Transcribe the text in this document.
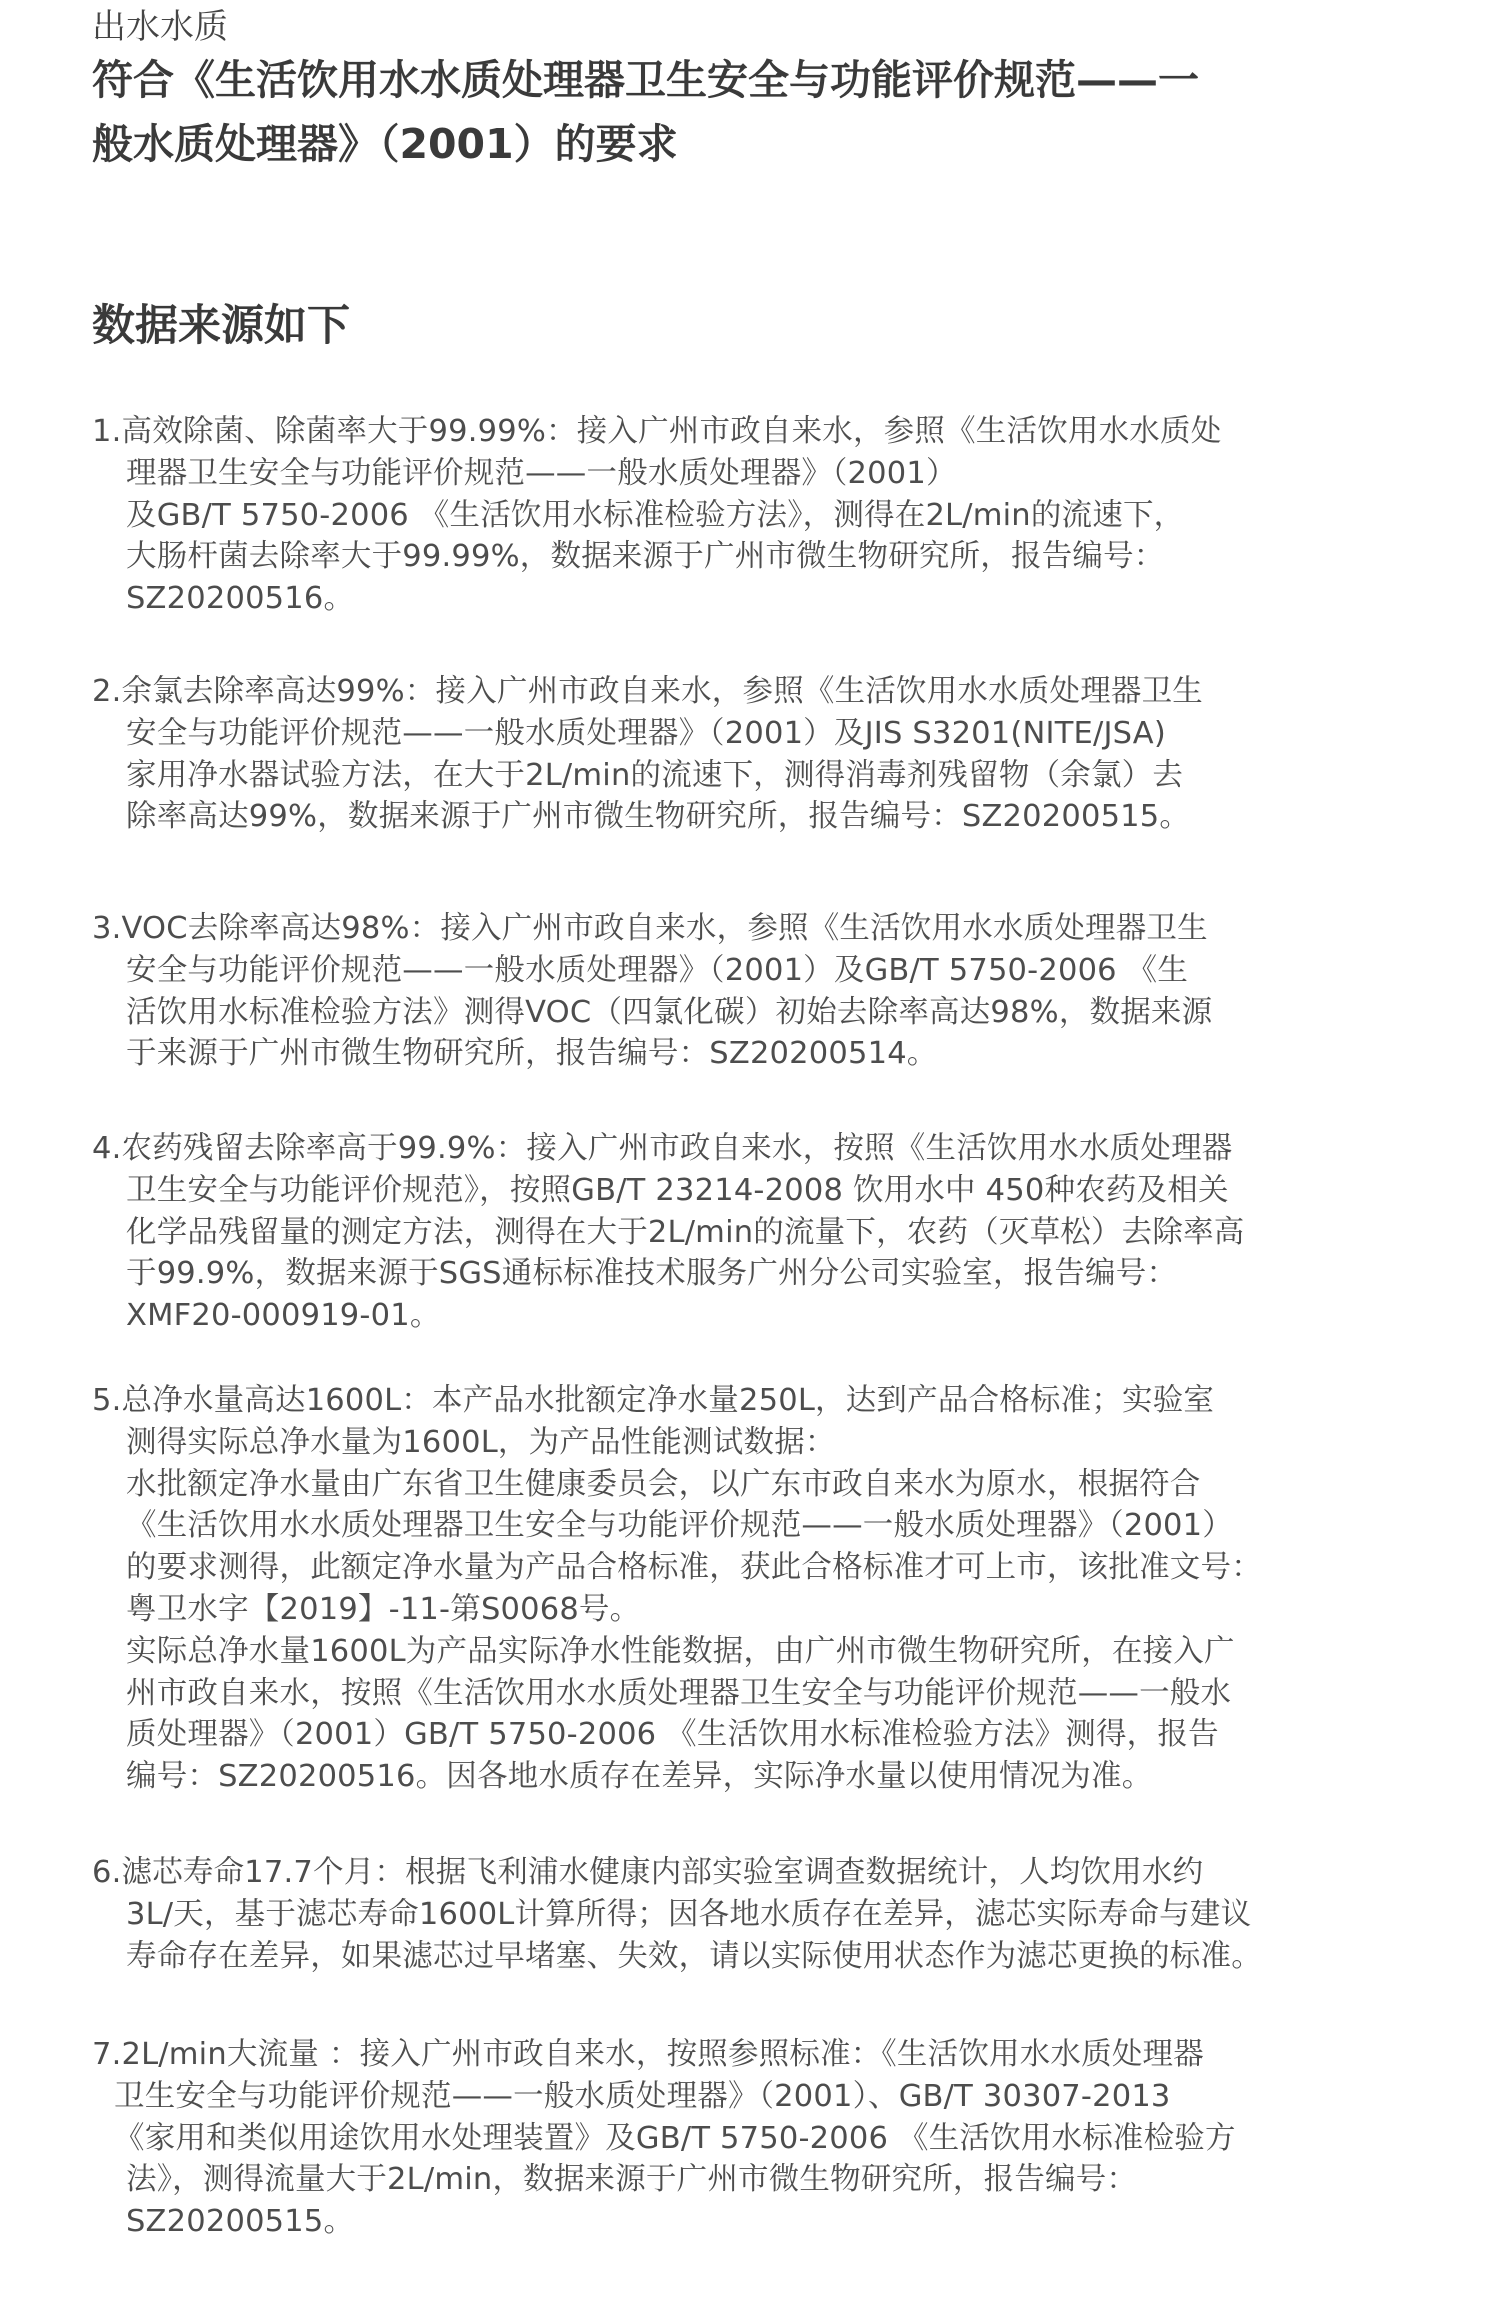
出水水质
符合《生活饮用水水质处理器卫生安全与功能评价规范——一
般水质处理器》（2001）的要求
数据来源如下
1.高效除菌、除菌率大于99.99%：接入广州市政自来水，参照《生活饮用水水质处
理器卫生安全与功能评价规范——一般水质处理器》（2001）
及GB/T 5750-2006 《生活饮用水标准检验方法》，测得在2L/min的流速下，
大肠杆菌去除率大于99.99%，数据来源于广州市微生物研究所，报告编号：
SZ20200516。
2.余氯去除率高达99%：接入广州市政自来水，参照《生活饮用水水质处理器卫生
安全与功能评价规范——一般水质处理器》（2001）及JIS S3201(NITE/JSA)
家用净水器试验方法，在大于2L/min的流速下，测得消毒剂残留物（余氯）去
除率高达99%，数据来源于广州市微生物研究所，报告编号：SZ20200515。
3.VOC去除率高达98%：接入广州市政自来水，参照《生活饮用水水质处理器卫生
安全与功能评价规范——一般水质处理器》（2001）及GB/T 5750-2006 《生
活饮用水标准检验方法》测得VOC（四氯化碳）初始去除率高达98%，数据来源
于来源于广州市微生物研究所，报告编号：SZ20200514。
4.农药残留去除率高于99.9%：接入广州市政自来水，按照《生活饮用水水质处理器
卫生安全与功能评价规范》，按照GB/T 23214-2008 饮用水中 450种农药及相关
化学品残留量的测定方法，测得在大于2L/min的流量下，农药（灭草松）去除率高
于99.9%，数据来源于SGS通标标准技术服务广州分公司实验室，报告编号：
XMF20-000919-01。
5.总净水量高达1600L：本产品水批额定净水量250L，达到产品合格标准；实验室
测得实际总净水量为1600L，为产品性能测试数据：
水批额定净水量由广东省卫生健康委员会，以广东市政自来水为原水，根据符合
《生活饮用水水质处理器卫生安全与功能评价规范——一般水质处理器》（2001）
的要求测得，此额定净水量为产品合格标准，获此合格标准才可上市，该批准文号：
粤卫水字【2019】-11-第S0068号。
实际总净水量1600L为产品实际净水性能数据，由广州市微生物研究所，在接入广
州市政自来水，按照《生活饮用水水质处理器卫生安全与功能评价规范——一般水
质处理器》（2001）GB/T 5750-2006 《生活饮用水标准检验方法》测得，报告
编号：SZ20200516。因各地水质存在差异，实际净水量以使用情况为准。
6.滤芯寿命17.7个月：根据飞利浦水健康内部实验室调查数据统计，人均饮用水约
3L/天，基于滤芯寿命1600L计算所得；因各地水质存在差异，滤芯实际寿命与建议
寿命存在差异，如果滤芯过早堵塞、失效，请以实际使用状态作为滤芯更换的标准。
7.2L/min大流量 ：接入广州市政自来水，按照参照标准：《生活饮用水水质处理器
卫生安全与功能评价规范——一般水质处理器》（2001）、GB/T 30307-2013
《家用和类似用途饮用水处理装置》及GB/T 5750-2006 《生活饮用水标准检验方
法》，测得流量大于2L/min，数据来源于广州市微生物研究所，报告编号：
SZ20200515。
